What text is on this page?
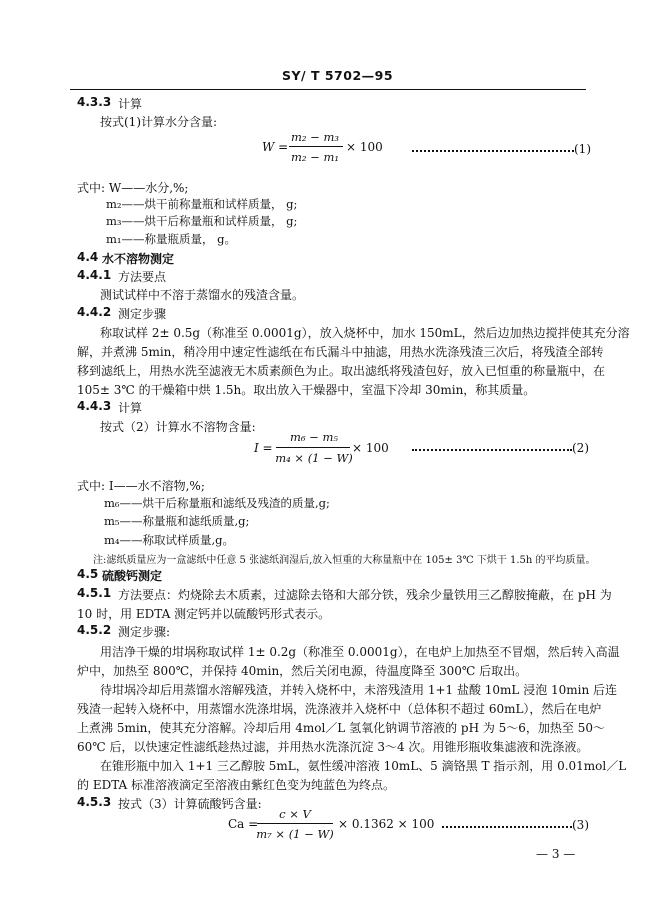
SY/ T 5702—95
4.3.3 计算
按式(1)计算水分含量:
W =
m₂ − m₃
m₂ − m₁
× 100	(1)
式中: W——水分,%;
m₂——烘干前称量瓶和试样质量， g;
m₃——烘干后称量瓶和试样质量， g;
m₁——称量瓶质量， g。
4.4 水不溶物测定
4.4.1 方法要点
测试试样中不溶于蒸馏水的残渣含量。
4.4.2 测定步骤
称取试样 2± 0.5g（称准至 0.0001g），放入烧杯中，加水 150mL，然后边加热边搅拌使其充分溶
解，并煮沸 5min，稍冷用中速定性滤纸在布氏漏斗中抽滤，用热水洗涤残渣三次后，将残渣全部转
移到滤纸上，用热水洗至滤液无木质素颜色为止。取出滤纸将残渣包好，放入已恒重的称量瓶中，在
105± 3℃ 的干燥箱中烘 1.5h。取出放入干燥器中，室温下冷却 30min，称其质量。
4.4.3 计算
按式（2）计算水不溶物含量:
I =
m₆ − m₅
m₄ × (1 − W)
× 100	(2)
式中: I——水不溶物,%;
m₆——烘干后称量瓶和滤纸及残渣的质量,g;
m₅——称量瓶和滤纸质量,g;
m₄——称取试样质量,g。
注:滤纸质量应为一盒滤纸中任意 5 张滤纸润湿后,放入恒重的大称量瓶中在 105± 3℃ 下烘干 1.5h 的平均质量。
4.5 硫酸钙测定
4.5.1 方法要点：灼烧除去木质素，过滤除去铬和大部分铁，残余少量铁用三乙醇胺掩蔽，在 pH 为
10 时，用 EDTA 测定钙并以硫酸钙形式表示。
4.5.2 测定步骤:
用洁净干燥的坩埚称取试样 1± 0.2g（称准至 0.0001g），在电炉上加热至不冒烟，然后转入高温
炉中，加热至 800℃，并保持 40min，然后关闭电源，待温度降至 300℃ 后取出。
待坩埚冷却后用蒸馏水溶解残渣，并转入烧杯中，未溶残渣用 1+1 盐酸 10mL 浸泡 10min 后连
残渣一起转入烧杯中，用蒸馏水洗涤坩埚，洗涤液并入烧杯中（总体积不超过 60mL），然后在电炉
上煮沸 5min，使其充分溶解。冷却后用 4mol／L 氢氧化钠调节溶液的 pH 为 5～6，加热至 50～
60℃ 后，以快速定性滤纸趁热过滤，并用热水洗涤沉淀 3～4 次。用锥形瓶收集滤液和洗涤液。
在锥形瓶中加入 1+1 三乙醇胺 5mL，氨性缓冲溶液 10mL、5 滴铬黑 T 指示剂，用 0.01mol／L
的 EDTA 标准溶液滴定至溶液由紫红色变为纯蓝色为终点。
4.5.3 按式（3）计算硫酸钙含量:
Ca =
c × V
m₇ × (1 − W)
× 0.1362 × 100	(3)
— 3 —
